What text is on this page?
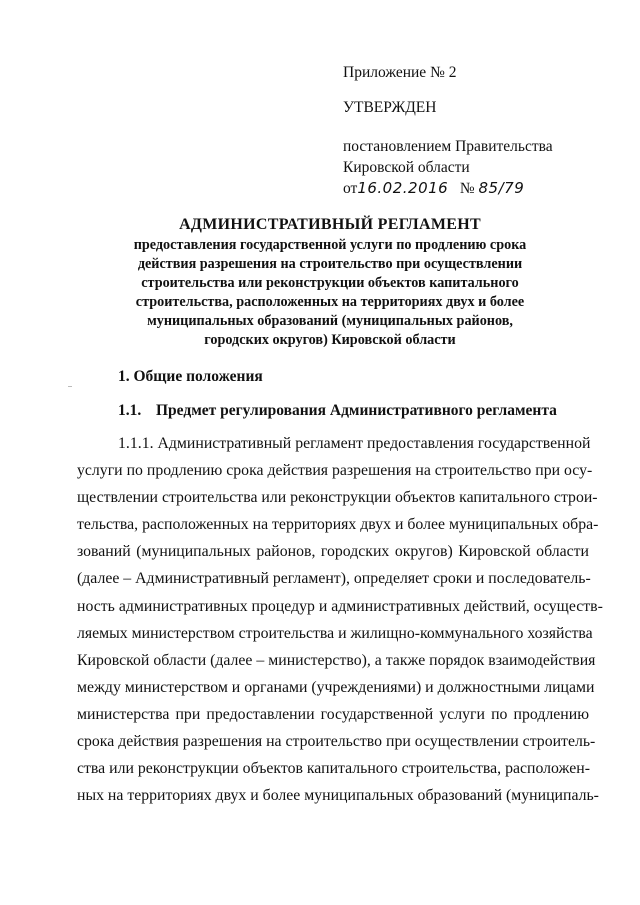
Приложение № 2
УТВЕРЖДЕН
постановлением Правительства
Кировской области
от16.02.2016 № 85/79
АДМИНИСТРАТИВНЫЙ РЕГЛАМЕНТ
предоставления государственной услуги по продлению срока
действия разрешения на строительство при осуществлении
строительства или реконструкции объектов капитального
строительства, расположенных на территориях двух и более
муниципальных образований (муниципальных районов,
городских округов) Кировской области
1. Общие положения
1.1. Предмет регулирования Административного регламента
1.1.1. Административный регламент предоставления государственной
услуги по продлению срока действия разрешения на строительство при осу-
ществлении строительства или реконструкции объектов капитального строи-
тельства, расположенных на территориях двух и более муниципальных обра-
зований (муниципальных районов, городских округов) Кировской области
(далее – Административный регламент), определяет сроки и последователь-
ность административных процедур и административных действий, осуществ-
ляемых министерством строительства и жилищно-коммунального хозяйства
Кировской области (далее – министерство), а также порядок взаимодействия
между министерством и органами (учреждениями) и должностными лицами
министерства при предоставлении государственной услуги по продлению
срока действия разрешения на строительство при осуществлении строитель-
ства или реконструкции объектов капитального строительства, расположен-
ных на территориях двух и более муниципальных образований (муниципаль-
